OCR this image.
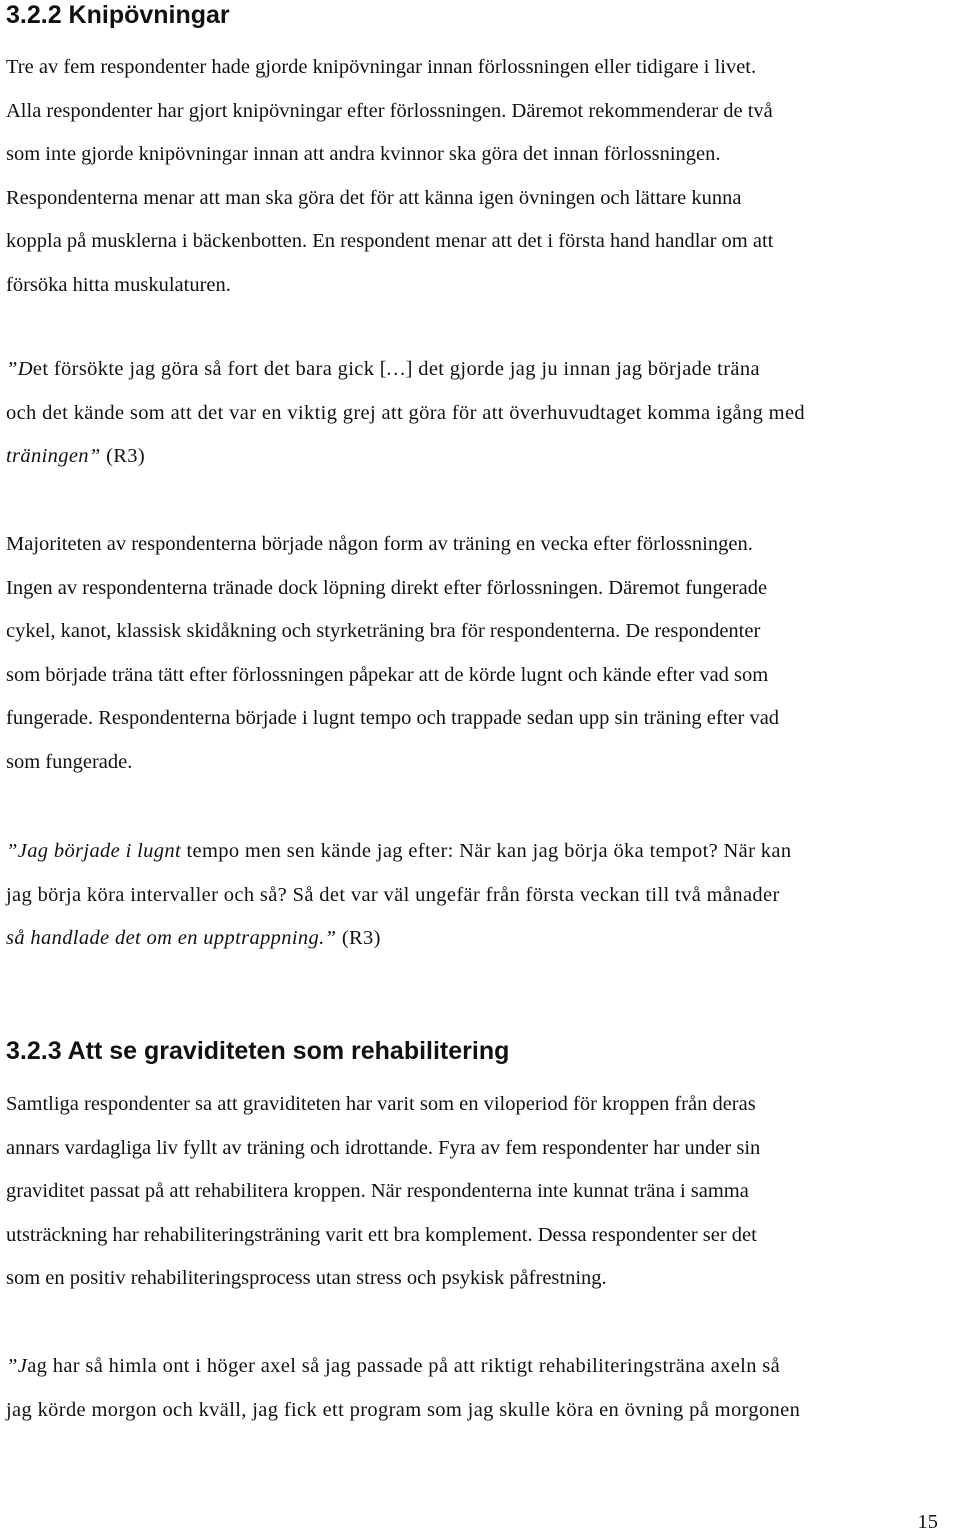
3.2.2 Knipövningar

Tre av fem respondenter hade gjorde knipövningar innan förlossningen eller tidigare i livet.
Alla respondenter har gjort knipövningar efter förlossningen. Däremot rekommenderar de två
som inte gjorde knipövningar innan att andra kvinnor ska göra det innan förlossningen.
Respondenterna menar att man ska göra det för att känna igen övningen och lättare kunna
koppla på musklerna i bäckenbotten. En respondent menar att det i första hand handlar om att
försöka hitta muskulaturen.

”Det försökte jag göra så fort det bara gick […] det gjorde jag ju innan jag började träna
och det kände som att det var en viktig grej att göra för att överhuvudtaget komma igång med
träningen” (R3)

Majoriteten av respondenterna började någon form av träning en vecka efter förlossningen.
Ingen av respondenterna tränade dock löpning direkt efter förlossningen. Däremot fungerade
cykel, kanot, klassisk skidåkning och styrketräning bra för respondenterna. De respondenter
som började träna tätt efter förlossningen påpekar att de körde lugnt och kände efter vad som
fungerade. Respondenterna började i lugnt tempo och trappade sedan upp sin träning efter vad
som fungerade.

”Jag började i lugnt tempo men sen kände jag efter: När kan jag börja öka tempot? När kan
jag börja köra intervaller och så? Så det var väl ungefär från första veckan till två månader
så handlade det om en upptrappning.” (R3)

3.2.3 Att se graviditeten som rehabilitering

Samtliga respondenter sa att graviditeten har varit som en viloperiod för kroppen från deras
annars vardagliga liv fyllt av träning och idrottande. Fyra av fem respondenter har under sin
graviditet passat på att rehabilitera kroppen. När respondenterna inte kunnat träna i samma
utsträckning har rehabiliteringsträning varit ett bra komplement. Dessa respondenter ser det
som en positiv rehabiliteringsprocess utan stress och psykisk påfrestning.

”Jag har så himla ont i höger axel så jag passade på att riktigt rehabiliteringsträna axeln så
jag körde morgon och kväll, jag fick ett program som jag skulle köra en övning på morgonen

15
